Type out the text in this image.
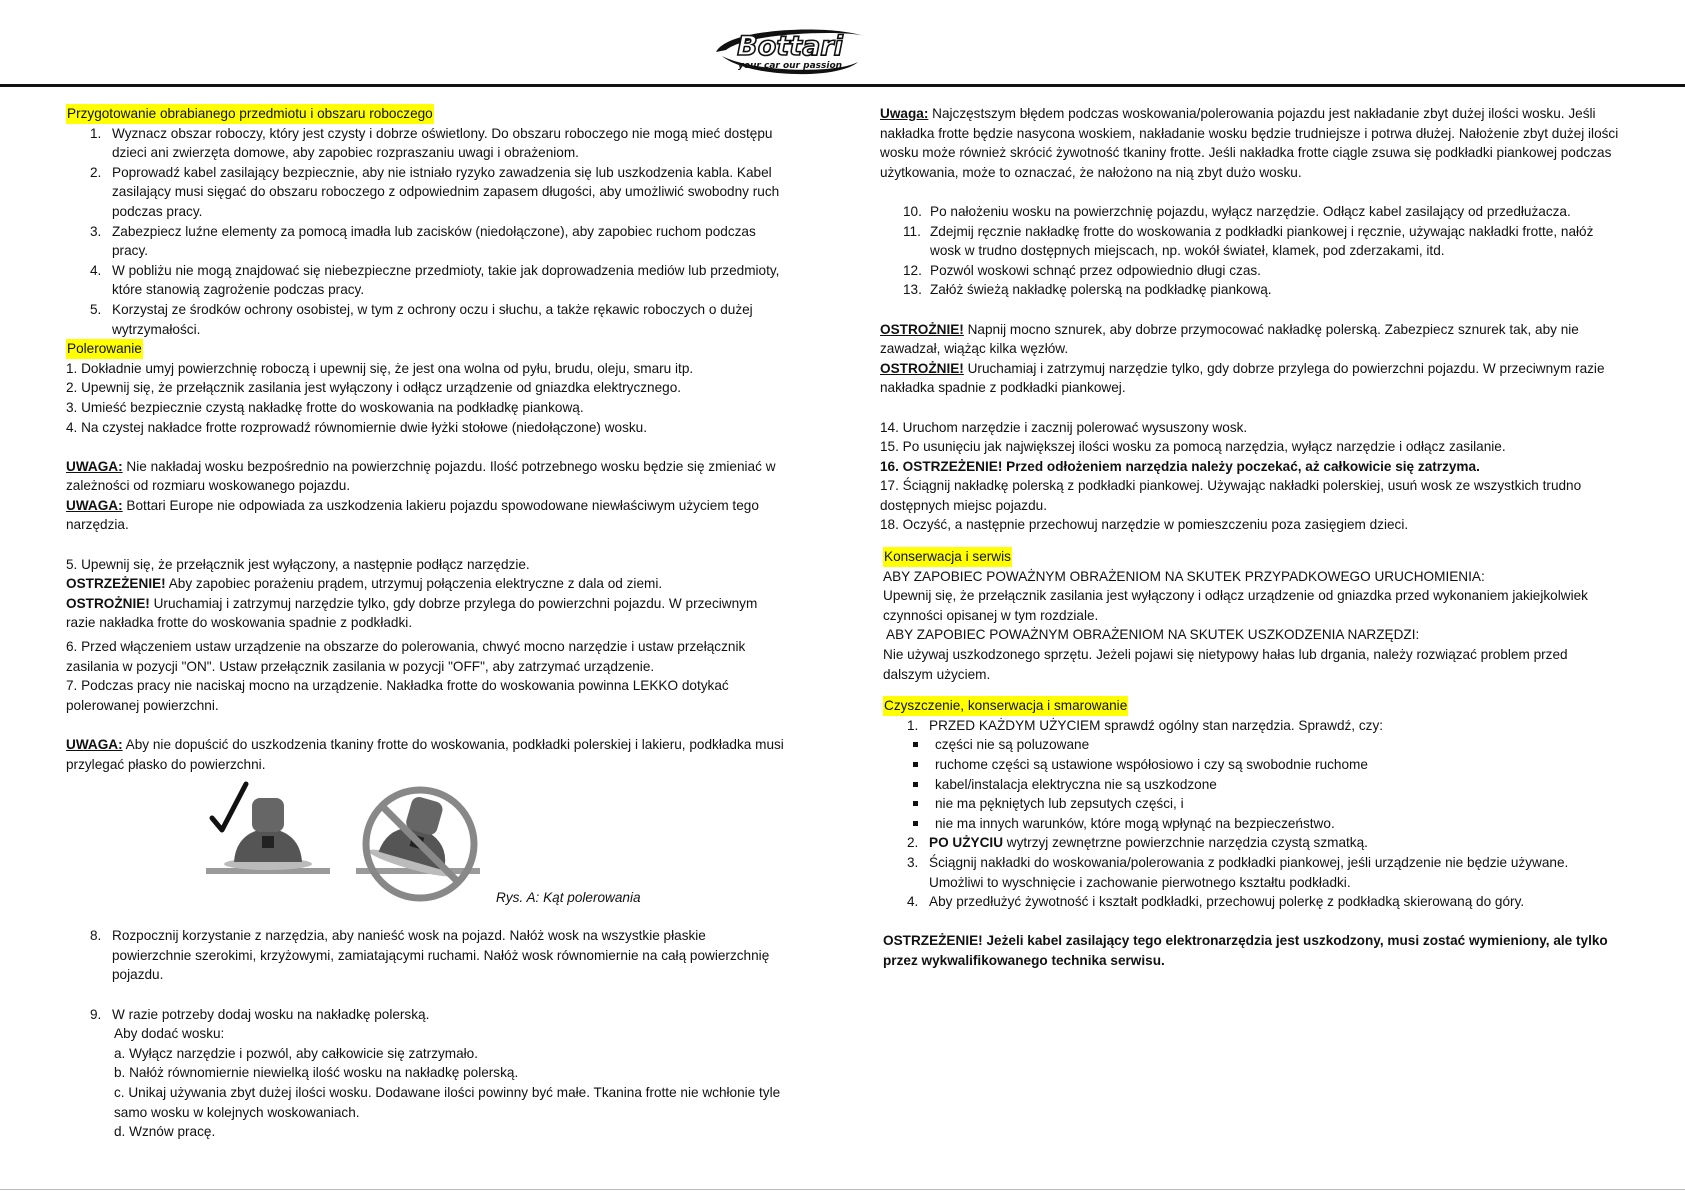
Bottari
your car our passion

Przygotowanie obrabianego przedmiotu i obszaru roboczego

1. Wyznacz obszar roboczy, który jest czysty i dobrze oświetlony. Do obszaru roboczego nie mogą mieć dostępu dzieci ani zwierzęta domowe, aby zapobiec rozpraszaniu uwagi i obrażeniom.
2. Poprowadź kabel zasilający bezpiecznie, aby nie istniało ryzyko zawadzenia się lub uszkodzenia kabla. Kabel zasilający musi sięgać do obszaru roboczego z odpowiednim zapasem długości, aby umożliwić swobodny ruch podczas pracy.
3. Zabezpiecz luźne elementy za pomocą imadła lub zacisków (niedołączone), aby zapobiec ruchom podczas pracy.
4. W pobliżu nie mogą znajdować się niebezpieczne przedmioty, takie jak doprowadzenia mediów lub przedmioty, które stanowią zagrożenie podczas pracy.
5. Korzystaj ze środków ochrony osobistej, w tym z ochrony oczu i słuchu, a także rękawic roboczych o dużej wytrzymałości.

Polerowanie

1. Dokładnie umyj powierzchnię roboczą i upewnij się, że jest ona wolna od pyłu, brudu, oleju, smaru itp.

2. Upewnij się, że przełącznik zasilania jest wyłączony i odłącz urządzenie od gniazdka elektrycznego.

3. Umieść bezpiecznie czystą nakładkę frotte do woskowania na podkładkę piankową.

4. Na czystej nakładce frotte rozprowadź równomiernie dwie łyżki stołowe (niedołączone) wosku.

UWAGA: Nie nakładaj wosku bezpośrednio na powierzchnię pojazdu. Ilość potrzebnego wosku będzie się zmieniać w zależności od rozmiaru woskowanego pojazdu.

UWAGA: Bottari Europe nie odpowiada za uszkodzenia lakieru pojazdu spowodowane niewłaściwym użyciem tego narzędzia.

5. Upewnij się, że przełącznik jest wyłączony, a następnie podłącz narzędzie.

OSTRZEŻENIE! Aby zapobiec porażeniu prądem, utrzymuj połączenia elektryczne z dala od ziemi.

OSTROŻNIE! Uruchamiaj i zatrzymuj narzędzie tylko, gdy dobrze przylega do powierzchni pojazdu. W przeciwnym razie nakładka frotte do woskowania spadnie z podkładki.

6. Przed włączeniem ustaw urządzenie na obszarze do polerowania, chwyć mocno narzędzie i ustaw przełącznik zasilania w pozycji "ON". Ustaw przełącznik zasilania w pozycji "OFF", aby zatrzymać urządzenie.

7. Podczas pracy nie naciskaj mocno na urządzenie. Nakładka frotte do woskowania powinna LEKKO dotykać polerowanej powierzchni.

UWAGA: Aby nie dopuścić do uszkodzenia tkaniny frotte do woskowania, podkładki polerskiej i lakieru, podkładka musi przylegać płasko do powierzchni.

Rys. A: Kąt polerowania
8. Rozpocznij korzystanie z narzędzia, aby nanieść wosk na pojazd. Nałóż wosk na wszystkie płaskie powierzchnie szerokimi, krzyżowymi, zamiatającymi ruchami. Nałóż wosk równomiernie na całą powierzchnię pojazdu.
9. W razie potrzeby dodaj wosku na nakładkę polerską.

Aby dodać wosku:

a. Wyłącz narzędzie i pozwól, aby całkowicie się zatrzymało.

b. Nałóż równomiernie niewielką ilość wosku na nakładkę polerską.

c. Unikaj używania zbyt dużej ilości wosku. Dodawane ilości powinny być małe. Tkanina frotte nie wchłonie tyle samo wosku w kolejnych woskowaniach.

d. Wznów pracę.

Uwaga: Najczęstszym błędem podczas woskowania/polerowania pojazdu jest nakładanie zbyt dużej ilości wosku. Jeśli nakładka frotte będzie nasycona woskiem, nakładanie wosku będzie trudniejsze i potrwa dłużej. Nałożenie zbyt dużej ilości wosku może również skrócić żywotność tkaniny frotte. Jeśli nakładka frotte ciągle zsuwa się podkładki piankowej podczas użytkowania, może to oznaczać, że nałożono na nią zbyt dużo wosku.

10. Po nałożeniu wosku na powierzchnię pojazdu, wyłącz narzędzie. Odłącz kabel zasilający od przedłużacza.
11. Zdejmij ręcznie nakładkę frotte do woskowania z podkładki piankowej i ręcznie, używając nakładki frotte, nałóż wosk w trudno dostępnych miejscach, np. wokół świateł, klamek, pod zderzakami, itd.
12. Pozwól woskowi schnąć przez odpowiednio długi czas.
13. Załóż świeżą nakładkę polerską na podkładkę piankową.

OSTROŻNIE! Napnij mocno sznurek, aby dobrze przymocować nakładkę polerską. Zabezpiecz sznurek tak, aby nie zawadzał, wiążąc kilka węzłów.

OSTROŻNIE! Uruchamiaj i zatrzymuj narzędzie tylko, gdy dobrze przylega do powierzchni pojazdu. W przeciwnym razie nakładka spadnie z podkładki piankowej.

14. Uruchom narzędzie i zacznij polerować wysuszony wosk.

15. Po usunięciu jak największej ilości wosku za pomocą narzędzia, wyłącz narzędzie i odłącz zasilanie.

16. OSTRZEŻENIE! Przed odłożeniem narzędzia należy poczekać, aż całkowicie się zatrzyma.

17. Ściągnij nakładkę polerską z podkładki piankowej. Używając nakładki polerskiej, usuń wosk ze wszystkich trudno dostępnych miejsc pojazdu.

18. Oczyść, a następnie przechowuj narzędzie w pomieszczeniu poza zasięgiem dzieci.

Konserwacja i serwis

ABY ZAPOBIEC POWAŻNYM OBRAŻENIOM NA SKUTEK PRZYPADKOWEGO URUCHOMIENIA:

Upewnij się, że przełącznik zasilania jest wyłączony i odłącz urządzenie od gniazdka przed wykonaniem jakiejkolwiek czynności opisanej w tym rozdziale.

ABY ZAPOBIEC POWAŻNYM OBRAŻENIOM NA SKUTEK USZKODZENIA NARZĘDZI:

Nie używaj uszkodzonego sprzętu. Jeżeli pojawi się nietypowy hałas lub drgania, należy rozwiązać problem przed dalszym użyciem.

Czyszczenie, konserwacja i smarowanie

1. PRZED KAŻDYM UŻYCIEM sprawdź ogólny stan narzędzia. Sprawdź, czy:
części nie są poluzowane
ruchome części są ustawione współosiowo i czy są swobodnie ruchome
kabel/instalacja elektryczna nie są uszkodzone
nie ma pękniętych lub zepsutych części, i
nie ma innych warunków, które mogą wpłynąć na bezpieczeństwo.
2. PO UŻYCIU wytrzyj zewnętrzne powierzchnie narzędzia czystą szmatką.
3. Ściągnij nakładki do woskowania/polerowania z podkładki piankowej, jeśli urządzenie nie będzie używane. Umożliwi to wyschnięcie i zachowanie pierwotnego kształtu podkładki.
4. Aby przedłużyć żywotność i kształt podkładki, przechowuj polerkę z podkładką skierowaną do góry.

OSTRZEŻENIE! Jeżeli kabel zasilający tego elektronarzędzia jest uszkodzony, musi zostać wymieniony, ale tylko przez wykwalifikowanego technika serwisu.
